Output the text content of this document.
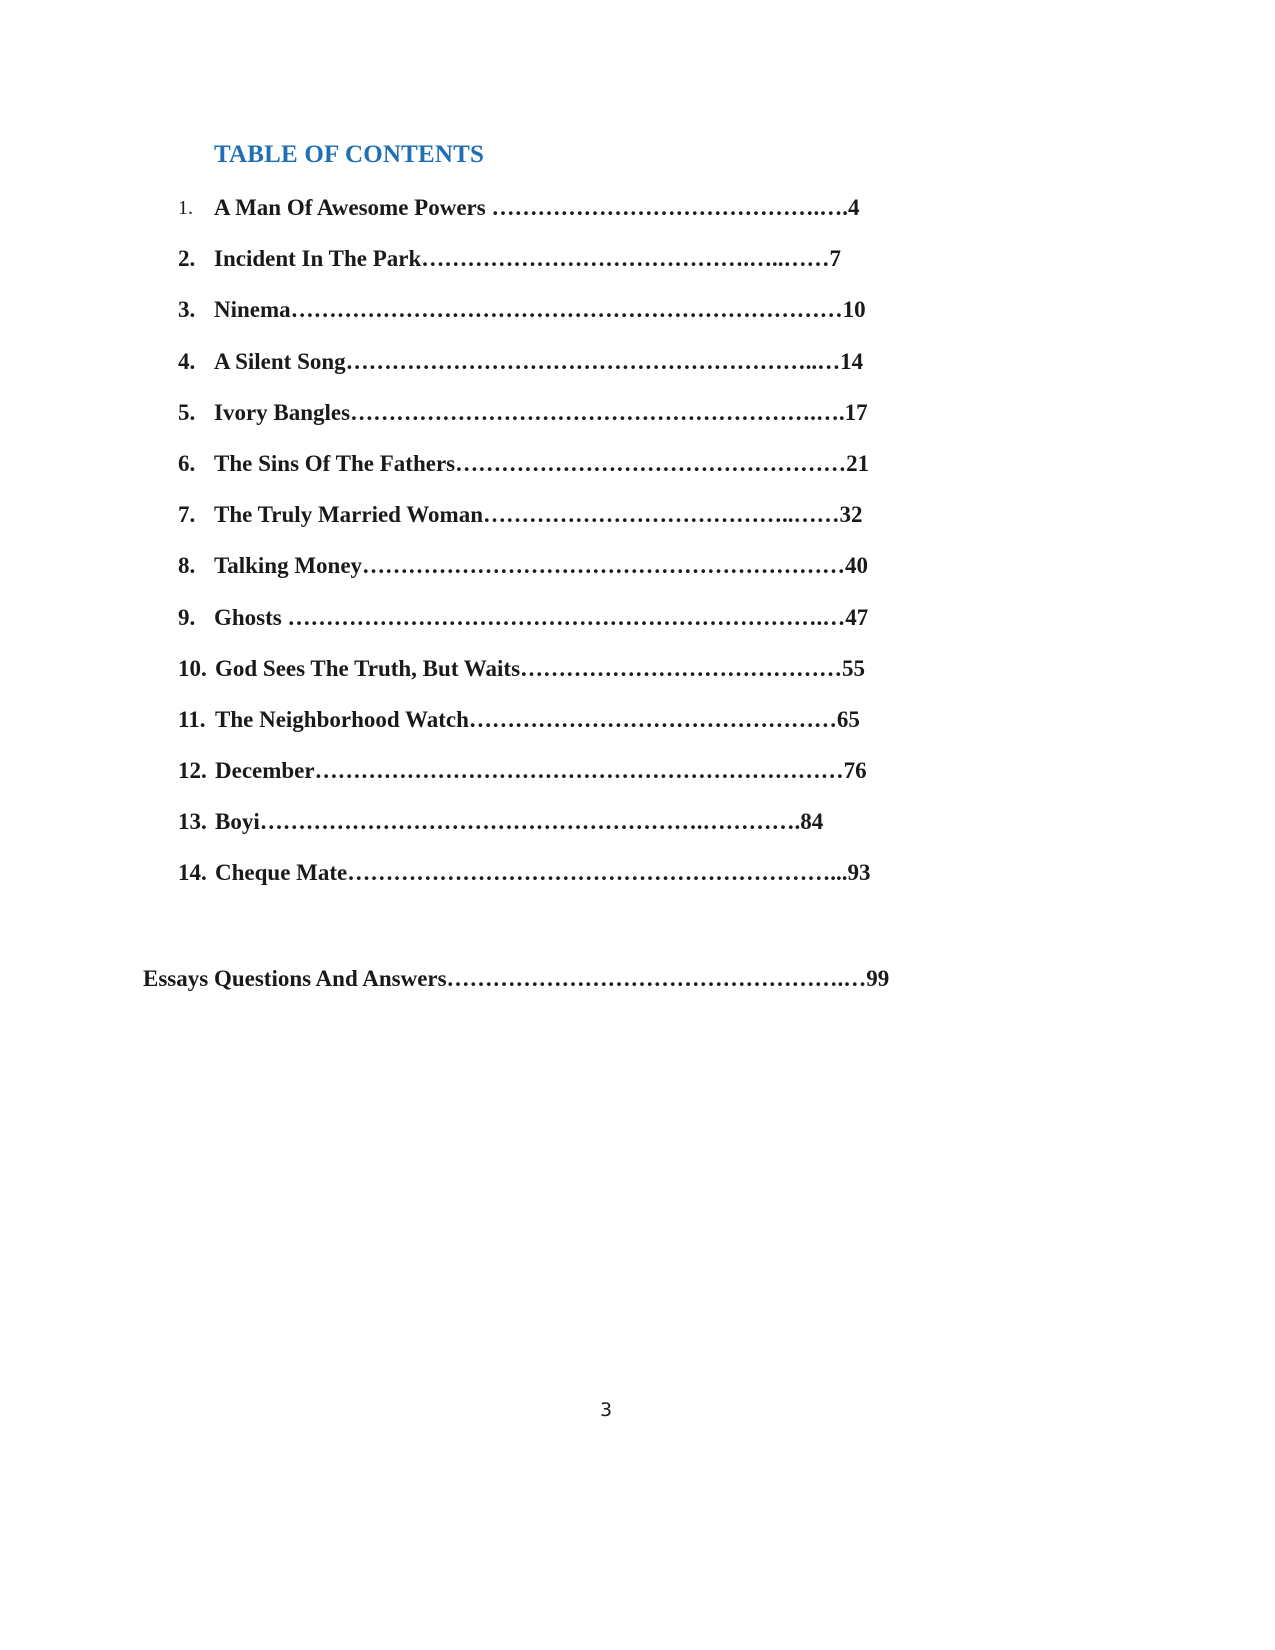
TABLE OF CONTENTS
1. A Man Of Awesome Powers …………………………………….….4
2. Incident In The Park…………………………………….…..……7
3. Ninema………………………………………………………………10
4. A Silent Song……………………………………………………..…14
5. Ivory Bangles…………………………………………………….….17
6. The Sins Of The Fathers……………………………………………21
7. The Truly Married Woman…………………………………..……32
8. Talking Money………………………………………………………40
9. Ghosts …………………………………………………………….…47
10. God Sees The Truth, But Waits……………………………………55
11. The Neighborhood Watch…………………………………………65
12. December……………………………………………………………76
13. Boyi………………………………………………….………….84
14. Cheque Mate………………………………………………………...93
Essays Questions And Answers…………………………………………….…99
3
